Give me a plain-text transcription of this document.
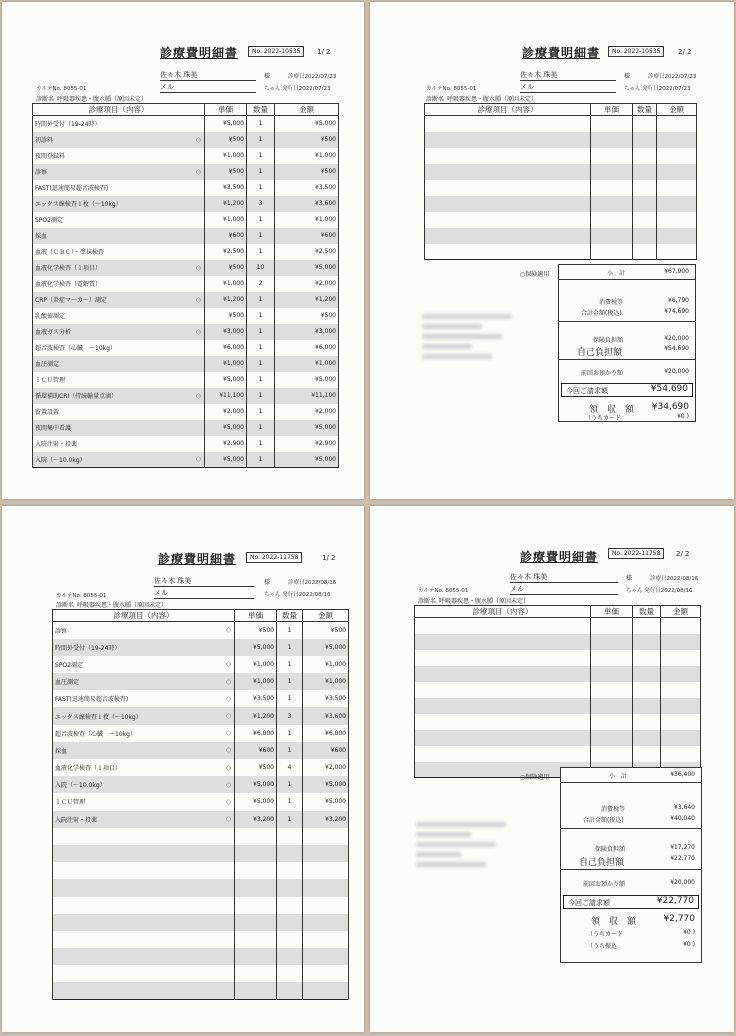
診療費明細書	No. 2022-10535	1/ 2
佐々木 珠美	様	診療日2022/07/23
カルテNo. 8055-01	メル	ちゃん 発行日2022/07/23
診断名 呼吸器疾患・腹水腫（原因未定）
診療項目（内容）	単価	数量	金額
時間外受付（19-24時）	¥5,000	1	¥5,000
初診料 ○	¥500	1	¥500
夜間登録料	¥1,000	1	¥1,000
診察 ○	¥500	1	¥500
FAST(迅速簡易超音波検査)	¥3,500	1	¥3,500
エックス線検査１枚（～10kg）	¥1,200	3	¥3,600
SPO2測定	¥1,000	1	¥1,000
採血	¥600	1	¥600
血液（ＣＢＣ）・塗抹検査	¥2,500	1	¥2,500
血液化学検査（１項目） ○	¥500	10	¥5,000
血液化学検査（電解質）	¥1,000	2	¥2,000
CRP（炎症マーカー）測定 ○	¥1,200	1	¥1,200
乳酸値測定	¥500	1	¥500
血液ガス分析 ○	¥3,000	1	¥3,000
超音波検査（心臓　～10kg）	¥6,000	1	¥6,000
血圧測定	¥1,000	1	¥1,000
ＩＣＵ管理	¥5,000	1	¥5,000
循環補助CRI（持続輸量点滴） ○	¥11,100	1	¥11,100
留置設置	¥2,000	1	¥2,000
夜間集中看護	¥5,000	1	¥5,000
入院注射・投薬	¥2,900	1	¥2,900
入院（～10.0kg） ○	¥5,000	1	¥5,000
診療費明細書	No. 2022-10535	2/ 2
佐々木 珠美	様	診療日2022/07/23
カルテNo. 8055-01	メル	ちゃん 発行日2022/07/23
診断名 呼吸器疾患・腹水腫（原因未定）
診療項目（内容）	単価	数量	金額

○保険適用	小　計	¥67,900
消費税等	¥6,790
合計金額(税込)	¥74,690
保険負担額	¥20,000
自己負担額	¥54,690
前回お預かり額	¥20,000
今回ご請求額	¥54,690
領　収　額 ¥34,690
（うちカード	¥0 )
診療費明細書	No. 2022-11758	1/ 2
佐々木 珠美	様	診療日2022/08/16
カルテNo. 8055-01	メル	ちゃん 発行日2022/08/16
診断名 呼吸器疾患・腹水腫（原因未定）
診療項目（内容）	単価	数量	金額
診察 ○	¥500	1	¥500
時間外受付（19-24時）	¥5,000	1	¥5,000
SPO2測定 ○	¥1,000	1	¥1,000
血圧測定 ○	¥1,000	1	¥1,000
FAST(迅速簡易超音波検査) ○	¥3,500	1	¥3,500
エックス線検査１枚（～10kg） ○	¥1,200	3	¥3,600
超音波検査（心臓　～10kg） ○	¥6,000	1	¥6,000
採血 ○	¥600	1	¥600
血液化学検査（１項目） ○	¥500	4	¥2,000
入院（～10.0kg） ○	¥5,000	1	¥5,000
ＩＣＵ管理 ○	¥5,000	1	¥5,000
入院注射・投薬 ○	¥3,200	1	¥3,200

診療費明細書	No. 2022-11758	2/ 2
佐々木 珠美	様	診療日2022/08/16
カルテNo. 8055-01	メル	ちゃん 発行日2022/08/16
診断名 呼吸器疾患・腹水腫（原因未定）
診療項目（内容）	単価	数量	金額

○保険適用	小　計	¥36,400
消費税等	¥3,640
合計金額(税込)	¥40,040
保険負担額	¥17,270
自己負担額	¥22,770
前回お預かり額	¥20,000
今回ご請求額	¥22,770
領　収　額	¥2,770
（うちカード	¥0 )
（うち振込	¥0 )
